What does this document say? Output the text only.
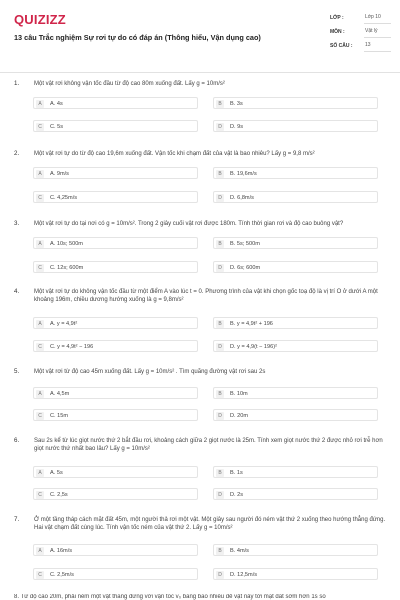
QUIZIZZ
13 câu Trắc nghiệm Sự rơi tự do có đáp án (Thông hiểu, Vận dụng cao)
LỚP :	Lớp 10
MÔN :	Vật lý
SỐ CÂU :	13
1. Một vật rơi không vận tốc đầu từ độ cao 80m xuống đất. Lấy g = 10m/s²
A	A. 4s	B	B. 3s
C	C. 5s	D	D. 9s
2. Một vật rơi tự do từ độ cao 19,6m xuống đất. Vận tốc khi chạm đất của vật là bao nhiêu? Lấy g = 9,8 m/s²
A	A. 9m/s	B	B. 19,6m/s
C	C. 4,25m/s	D	D. 6,8m/s
3. Một vật rơi tự do tại nơi có g = 10m/s². Trong 2 giây cuối vật rơi được 180m. Tính thời gian rơi và độ cao buông vật?
A	A. 10s; 500m	B	B. 5s; 500m
C	C. 12s; 600m	D	D. 6s; 600m
4. Một vật rơi tự do không vận tốc đầu từ một điểm A vào lúc t = 0. Phương trình của vật khi chọn gốc toạ độ là vị trí O ở dưới A một khoảng 196m, chiều dương hướng xuống là g = 9,8m/s²
A	A. y = 4,9t²	B	B. y = 4,9t² + 196
C	C. y = 4,9t² − 196	D	D. y = 4,9(t − 196)²
5. Một vật rơi từ độ cao 45m xuống đất. Lấy g = 10m/s² . Tìm quãng đường vật rơi sau 2s
A	A. 4,5m	B	B. 10m
C	C. 15m	D	D. 20m
6. Sau 2s kể từ lúc giọt nước thứ 2 bắt đầu rơi, khoảng cách giữa 2 giọt nước là 25m. Tính xem giọt nước thứ 2 được nhỏ rơi trễ hơn giọt nước thứ nhất bao lâu? Lấy g = 10m/s²
A	A. 5s	B	B. 1s
C	C. 2,5s	D	D. 2s
7. Ở một tầng tháp cách mặt đất 45m, một người thả rơi một vật. Một giây sau người đó ném vật thứ 2 xuống theo hướng thẳng đứng. Hai vật chạm đất cùng lúc. Tính vận tốc ném của vật thứ 2. Lấy g = 10m/s²
A	A. 16m/s	B	B. 4m/s
C	C. 2,5m/s	D	D. 12,5m/s
8. Từ độ cao 20m, phải ném một vật thẳng đứng với vận tốc v₀ bằng bao nhiêu để vật này tới mặt đất sớm hơn 1s so
